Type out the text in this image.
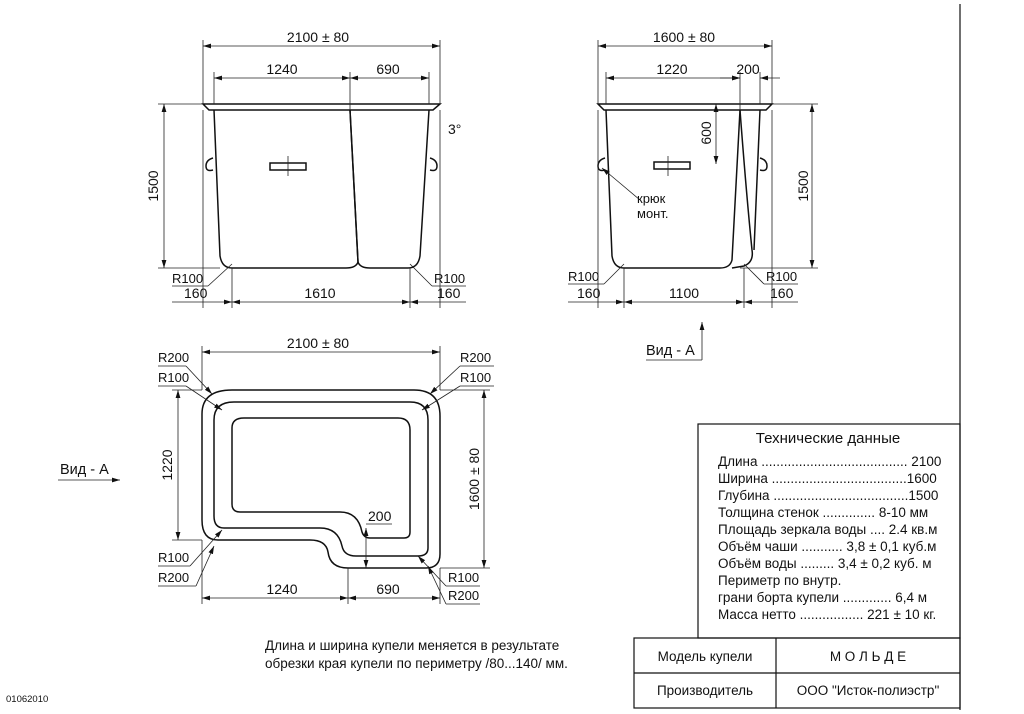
2100 ± 80
1240	690
1500
3°
R100	R100
160	1610	160
1600 ± 80
1220	200
600
1500
крюк
монт.
R100	R100
160	1100	160
Вид - А
2100 ± 80
R200
R100
R200
R100
1220	1600 ± 80
200
R100
R200	R100
R200
1240	690
Вид - А
Длина и ширина купели меняется в результате
обрезки края купели по периметру /80...140/ мм.
Технические данные
Длина ....................................... 2100
Ширина ....................................1600
Глубина ....................................1500
Толщина стенок .............. 8-10 мм
Площадь зеркала воды .... 2.4 кв.м
Объём чаши ........... 3,8 ± 0,1 куб.м
Объём воды ......... 3,4 ± 0,2 куб. м
Периметр по внутр.
грани борта купели ............. 6,4 м
Масса нетто ................. 221 ± 10 кг.
Модель купели	М О Л Ь Д Е
Производитель	ООО "Исток-полиэстр"
01062010
